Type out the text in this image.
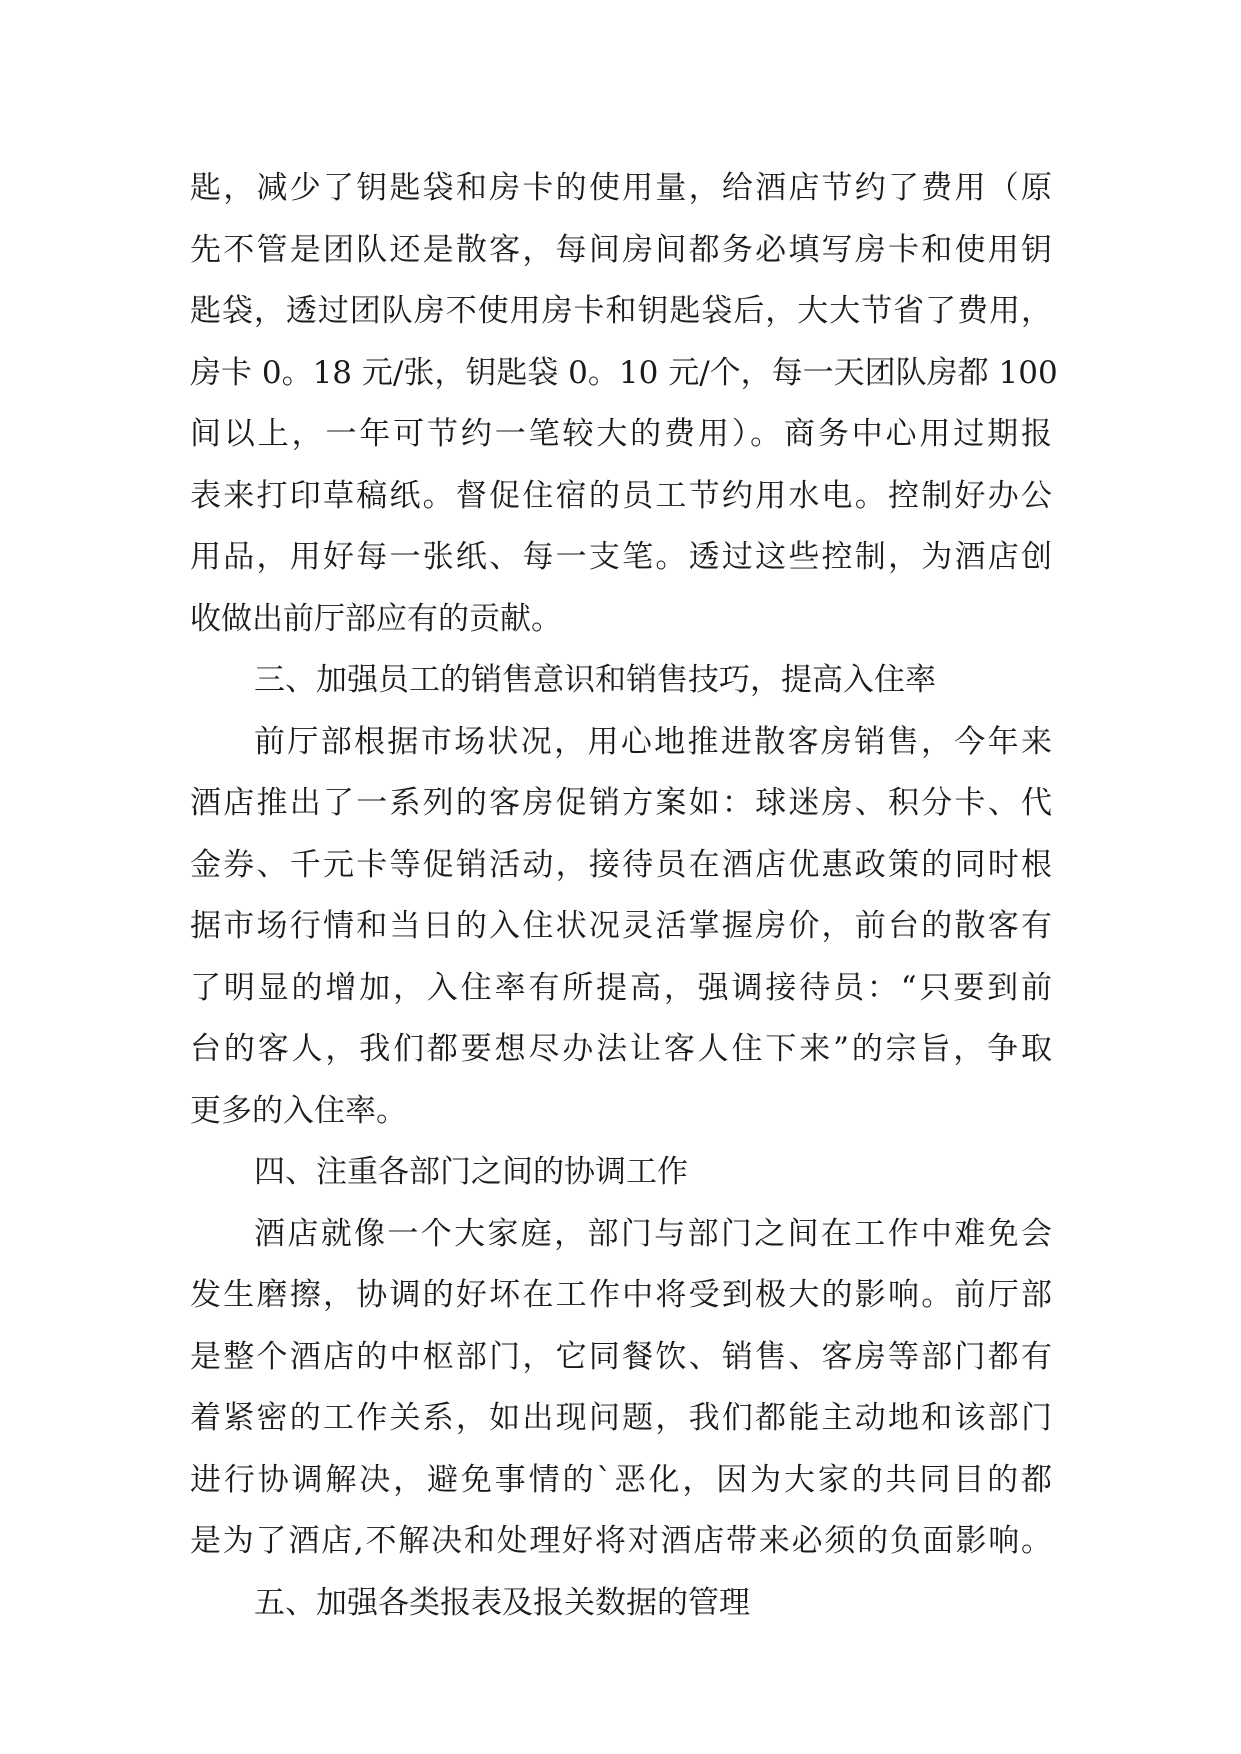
匙，减少了钥匙袋和房卡的使用量，给酒店节约了费用（原
先不管是团队还是散客，每间房间都务必填写房卡和使用钥
匙袋，透过团队房不使用房卡和钥匙袋后，大大节省了费用，
房卡 0。18 元/张，钥匙袋 0。10 元/个，每一天团队房都 100
间以上，一年可节约一笔较大的费用）。商务中心用过期报
表来打印草稿纸。督促住宿的员工节约用水电。控制好办公
用品，用好每一张纸、每一支笔。透过这些控制，为酒店创
收做出前厅部应有的贡献。
三、加强员工的销售意识和销售技巧，提高入住率
前厅部根据市场状况，用心地推进散客房销售，今年来
酒店推出了一系列的客房促销方案如：球迷房、积分卡、代
金券、千元卡等促销活动，接待员在酒店优惠政策的同时根
据市场行情和当日的入住状况灵活掌握房价，前台的散客有
了明显的增加，入住率有所提高，强调接待员：“只要到前
台的客人，我们都要想尽办法让客人住下来”的宗旨，争取
更多的入住率。
四、注重各部门之间的协调工作
酒店就像一个大家庭，部门与部门之间在工作中难免会
发生磨擦，协调的好坏在工作中将受到极大的影响。前厅部
是整个酒店的中枢部门，它同餐饮、销售、客房等部门都有
着紧密的工作关系，如出现问题，我们都能主动地和该部门
进行协调解决，避免事情的`恶化，因为大家的共同目的都
是为了酒店,不解决和处理好将对酒店带来必须的负面影响。
五、加强各类报表及报关数据的管理
